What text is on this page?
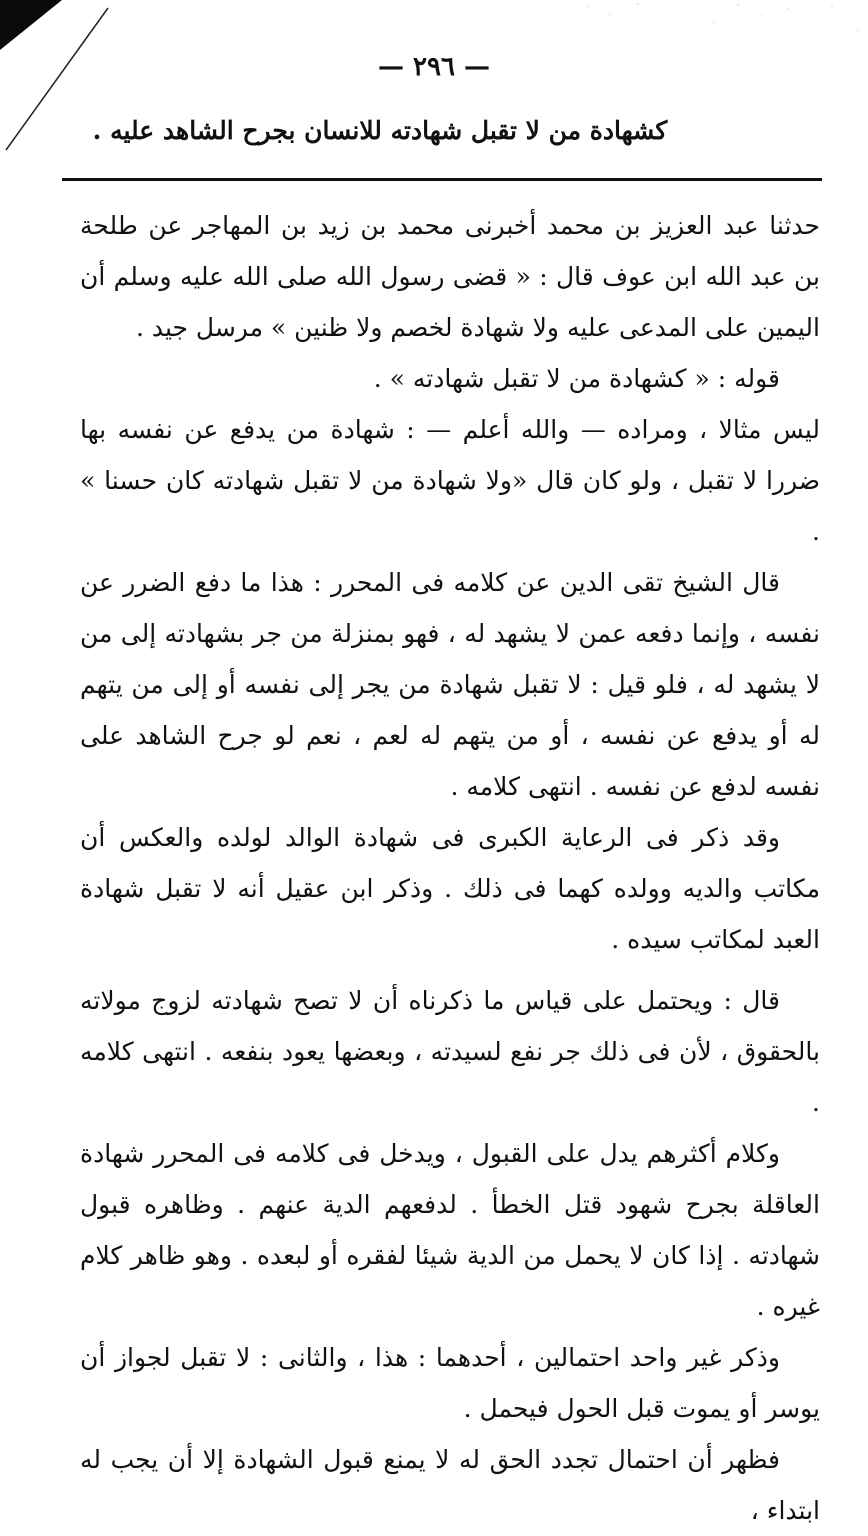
— ٢٩٦ —
كشهادة من لا تقبل شهادته للانسان بجرح الشاهد عليه .

حدثنا عبد العزيز بن محمد أخبرنى محمد بن زيد بن المهاجر عن طلحة بن عبد الله ابن عوف قال : « قضى رسول الله صلى الله عليه وسلم أن اليمين على المدعى عليه ولا شهادة لخصم ولا ظنين » مرسل جيد .

قوله : « كشهادة من لا تقبل شهادته » .

ليس مثالا ، ومراده — والله أعلم — : شهادة من يدفع عن نفسه بها ضررا لا تقبل ، ولو كان قال «ولا شهادة من لا تقبل شهادته كان حسنا » .

قال الشيخ تقى الدين عن كلامه فى المحرر : هذا ما دفع الضرر عن نفسه ، وإنما دفعه عمن لا يشهد له ، فهو بمنزلة من جر بشهادته إلى من لا يشهد له ، فلو قيل : لا تقبل شهادة من يجر إلى نفسه أو إلى من يتهم له أو يدفع عن نفسه ، أو من يتهم له لعم ، نعم لو جرح الشاهد على نفسه لدفع عن نفسه . انتهى كلامه .

وقد ذكر فى الرعاية الكبرى فى شهادة الوالد لولده والعكس أن مكاتب والديه وولده كهما فى ذلك . وذكر ابن عقيل أنه لا تقبل شهادة العبد لمكاتب سيده .

قال : ويحتمل على قياس ما ذكرناه أن لا تصح شهادته لزوج مولاته بالحقوق ، لأن فى ذلك جر نفع لسيدته ، وبعضها يعود بنفعه . انتهى كلامه .

وكلام أكثرهم يدل على القبول ، ويدخل فى كلامه فى المحرر شهادة العاقلة بجرح شهود قتل الخطأ . لدفعهم الدية عنهم . وظاهره قبول شهادته . إذا كان لا يحمل من الدية شيئا لفقره أو لبعده . وهو ظاهر كلام غيره .

وذكر غير واحد احتمالين ، أحدهما : هذا ، والثانى : لا تقبل لجواز أن يوسر أو يموت قبل الحول فيحمل .

فظهر أن احتمال تجدد الحق له لا يمنع قبول الشهادة إلا أن يجب له ابتداء ،
